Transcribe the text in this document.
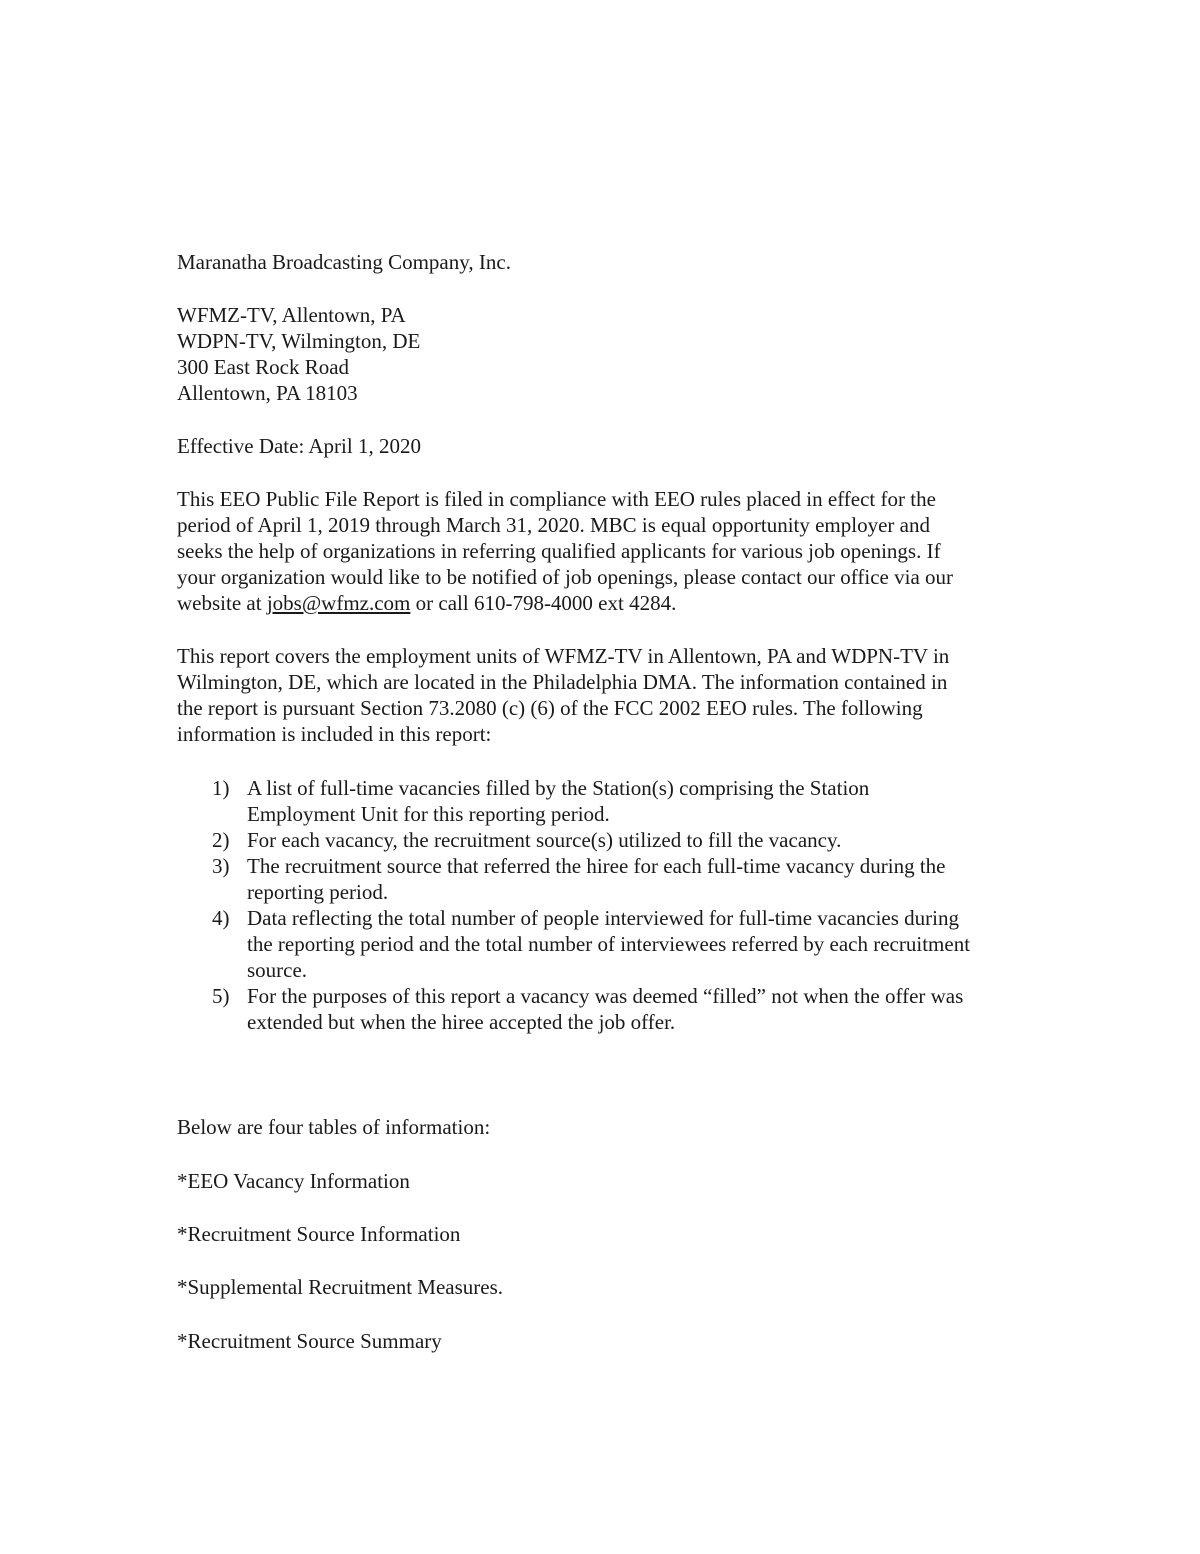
Maranatha Broadcasting Company, Inc.
WFMZ-TV, Allentown, PA
WDPN-TV, Wilmington, DE
300 East Rock Road
Allentown, PA 18103
Effective Date: April 1, 2020
This EEO Public File Report is filed in compliance with EEO rules placed in effect for the
period of April 1, 2019 through March 31, 2020. MBC is equal opportunity employer and
seeks the help of organizations in referring qualified applicants for various job openings. If
your organization would like to be notified of job openings, please contact our office via our
website at jobs@wfmz.com or call 610-798-4000 ext 4284.
This report covers the employment units of WFMZ-TV in Allentown, PA and WDPN-TV in
Wilmington, DE, which are located in the Philadelphia DMA. The information contained in
the report is pursuant Section 73.2080 (c) (6) of the FCC 2002 EEO rules. The following
information is included in this report:
1) A list of full-time vacancies filled by the Station(s) comprising the Station
Employment Unit for this reporting period.
2) For each vacancy, the recruitment source(s) utilized to fill the vacancy.
3) The recruitment source that referred the hiree for each full-time vacancy during the
reporting period.
4) Data reflecting the total number of people interviewed for full-time vacancies during
the reporting period and the total number of interviewees referred by each recruitment
source.
5) For the purposes of this report a vacancy was deemed “filled” not when the offer was
extended but when the hiree accepted the job offer.
Below are four tables of information:
*EEO Vacancy Information
*Recruitment Source Information
*Supplemental Recruitment Measures.
*Recruitment Source Summary
